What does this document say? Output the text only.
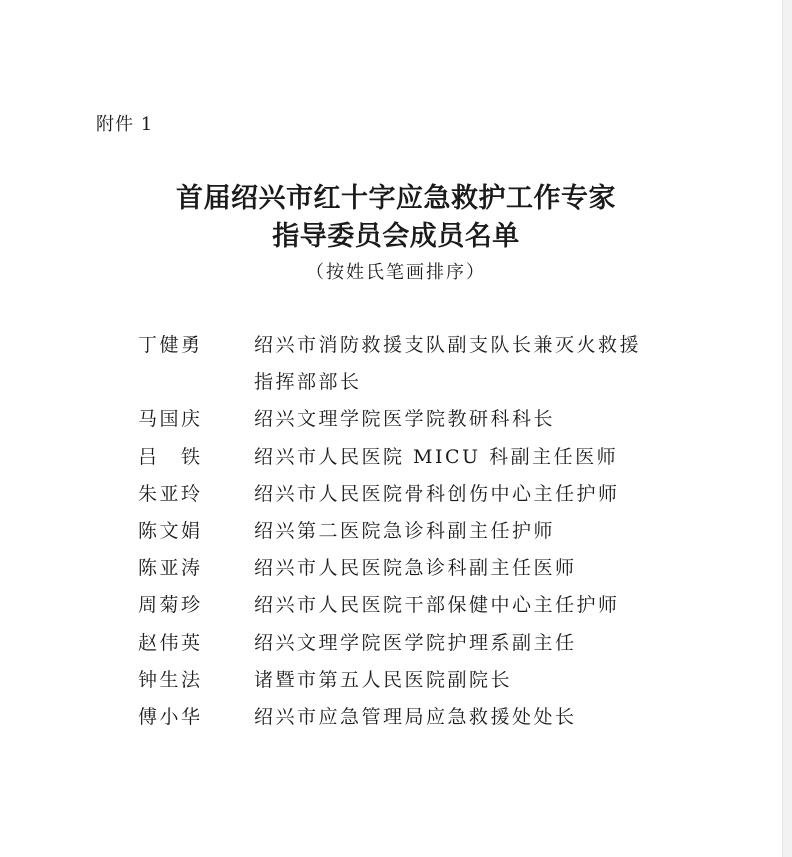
附件 1
首届绍兴市红十字应急救护工作专家
指导委员会成员名单
（按姓氏笔画排序）
丁健勇	绍兴市消防救援支队副支队长兼灭火救援指挥部部长
马国庆	绍兴文理学院医学院教研科科长
吕　铁	绍兴市人民医院 MICU 科副主任医师
朱亚玲	绍兴市人民医院骨科创伤中心主任护师
陈文娟	绍兴第二医院急诊科副主任护师
陈亚涛	绍兴市人民医院急诊科副主任医师
周菊珍	绍兴市人民医院干部保健中心主任护师
赵伟英	绍兴文理学院医学院护理系副主任
钟生法	诸暨市第五人民医院副院长
傅小华	绍兴市应急管理局应急救援处处长
